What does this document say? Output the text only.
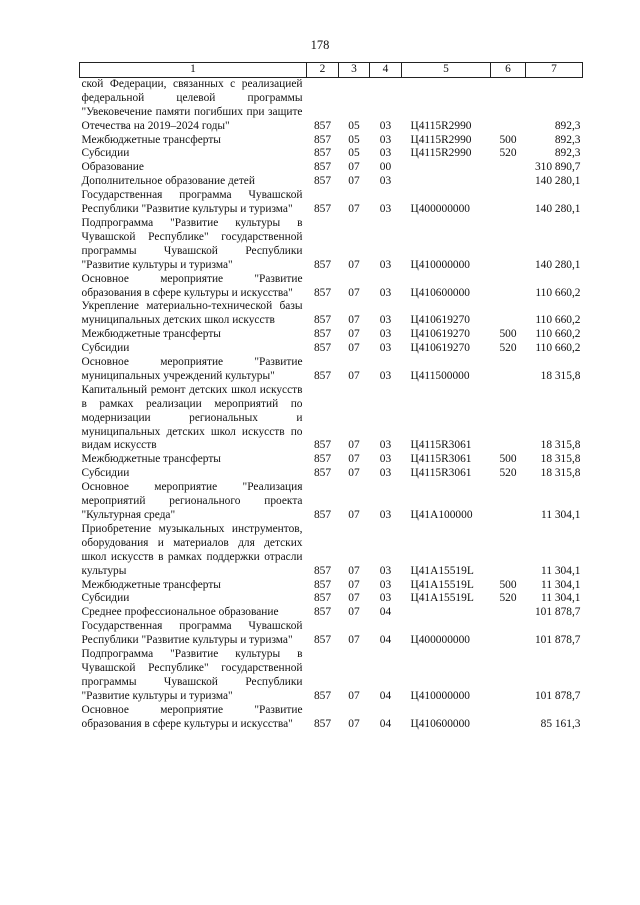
178
1	2	3	4	5	6	7
ской Федерации, связанных с реализацией федеральной целевой программы "Увековечение памяти погибших при защите Отечества на 2019–2024 годы"	857	05	03	Ц4115R2990		892,3
Межбюджетные трансферты	857	05	03	Ц4115R2990	500	892,3
Субсидии	857	05	03	Ц4115R2990	520	892,3
Образование	857	07	00			310 890,7
Дополнительное образование детей	857	07	03			140 280,1
Государственная программа Чувашской Республики "Развитие культуры и туризма"	857	07	03	Ц400000000		140 280,1
Подпрограмма "Развитие культуры в Чувашской Республике" государственной программы Чувашской Республики "Развитие культуры и туризма"	857	07	03	Ц410000000		140 280,1
Основное мероприятие "Развитие образования в сфере культуры и искусства"	857	07	03	Ц410600000		110 660,2
Укрепление материально-технической базы муниципальных детских школ искусств	857	07	03	Ц410619270		110 660,2
Межбюджетные трансферты	857	07	03	Ц410619270	500	110 660,2
Субсидии	857	07	03	Ц410619270	520	110 660,2
Основное мероприятие "Развитие муниципальных учреждений культуры"	857	07	03	Ц411500000		18 315,8
Капитальный ремонт детских школ искусств в рамках реализации мероприятий по модернизации региональных и муниципальных детских школ искусств по видам искусств	857	07	03	Ц4115R3061		18 315,8
Межбюджетные трансферты	857	07	03	Ц4115R3061	500	18 315,8
Субсидии	857	07	03	Ц4115R3061	520	18 315,8
Основное мероприятие "Реализация мероприятий регионального проекта "Культурная среда"	857	07	03	Ц41А100000		11 304,1
Приобретение музыкальных инструментов, оборудования и материалов для детских школ искусств в рамках поддержки отрасли культуры	857	07	03	Ц41А15519L		11 304,1
Межбюджетные трансферты	857	07	03	Ц41А15519L	500	11 304,1
Субсидии	857	07	03	Ц41А15519L	520	11 304,1
Среднее профессиональное образование	857	07	04			101 878,7
Государственная программа Чувашской Республики "Развитие культуры и туризма"	857	07	04	Ц400000000		101 878,7
Подпрограмма "Развитие культуры в Чувашской Республике" государственной программы Чувашской Республики "Развитие культуры и туризма"	857	07	04	Ц410000000		101 878,7
Основное мероприятие "Развитие образования в сфере культуры и искусства"	857	07	04	Ц410600000		85 161,3
